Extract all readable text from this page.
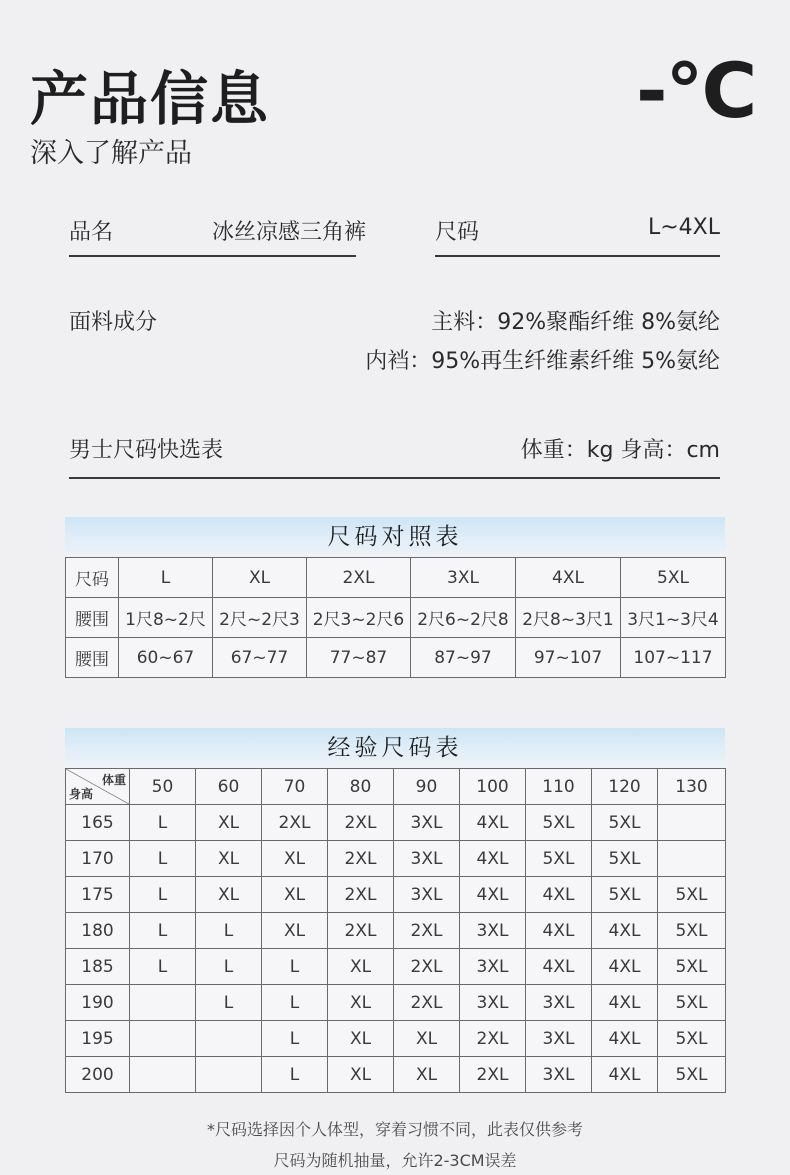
产品信息
深入了解产品
-°C
品名	冰丝凉感三角裤	尺码	L~4XL
面料成分	主料：92%聚酯纤维 8%氨纶
内裆：95%再生纤维素纤维 5%氨纶
男士尺码快选表	体重：kg 身高：cm
尺码对照表
尺码	L	XL	2XL	3XL	4XL	5XL
腰围	1尺8~2尺	2尺~2尺3	2尺3~2尺6	2尺6~2尺8	2尺8~3尺1	3尺1~3尺4
腰围	60~67	67~77	77~87	87~97	97~107	107~117
经验尺码表
体重
身高	50	60	70	80	90	100	110	120	130
165	L	XL	2XL	2XL	3XL	4XL	5XL	5XL	
170	L	XL	XL	2XL	3XL	4XL	5XL	5XL	
175	L	XL	XL	2XL	3XL	4XL	4XL	5XL	5XL
180	L	L	XL	2XL	2XL	3XL	4XL	4XL	5XL
185	L	L	L	XL	2XL	3XL	4XL	4XL	5XL
190		L	L	XL	2XL	3XL	3XL	4XL	5XL
195			L	XL	XL	2XL	3XL	4XL	5XL
200			L	XL	XL	2XL	3XL	4XL	5XL
*尺码选择因个人体型，穿着习惯不同，此表仅供参考
尺码为随机抽量，允许2-3CM误差
